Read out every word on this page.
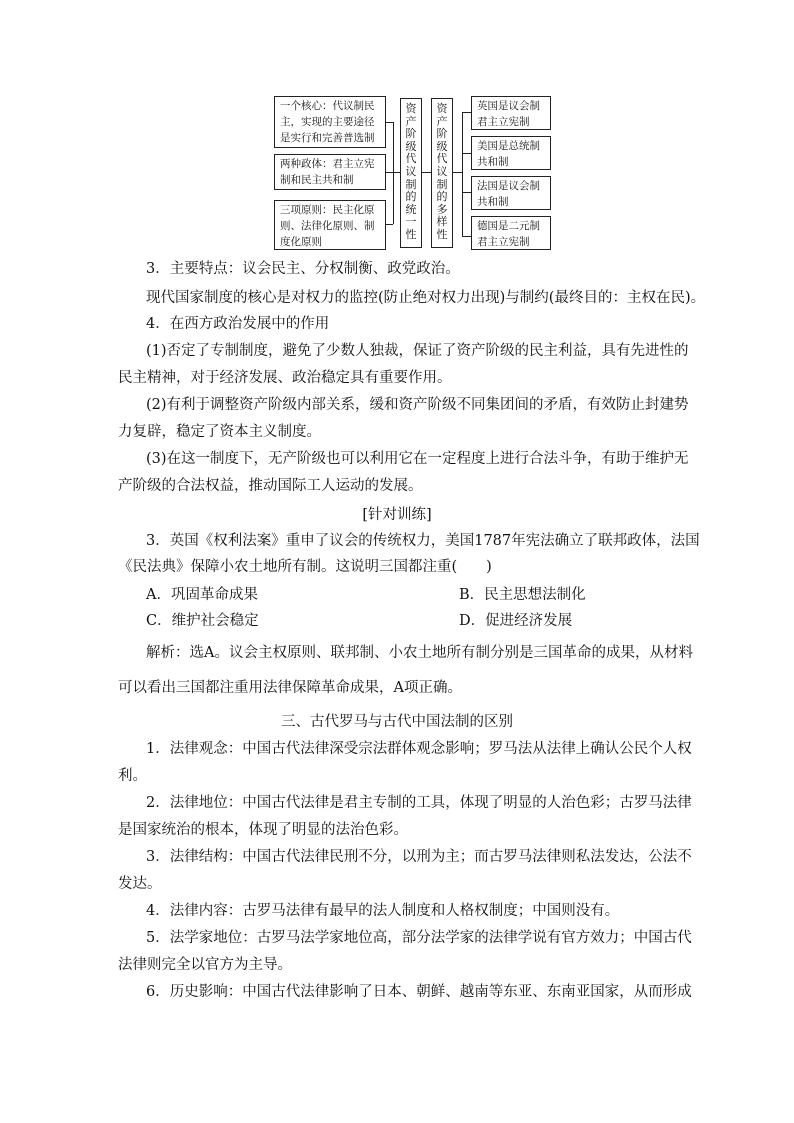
一个核心：代议制民主，实现的主要途径是实行和完善普选制
两种政体：君主立宪制和民主共和制
三项原则：民主化原则、法律化原则、制度化原则
资
产
阶
级
代
议
制
的
统
一
性
资
产
阶
级
代
议
制
的
多
样
性
英国是议会制君主立宪制
美国是总统制共和制
法国是议会制共和制
德国是二元制君主立宪制
3．主要特点：议会民主、分权制衡、政党政治。
现代国家制度的核心是对权力的监控(防止绝对权力出现)与制约(最终目的：主权在民)。
4．在西方政治发展中的作用
(1)否定了专制制度，避免了少数人独裁，保证了资产阶级的民主利益，具有先进性的
民主精神，对于经济发展、政治稳定具有重要作用。
(2)有利于调整资产阶级内部关系，缓和资产阶级不同集团间的矛盾，有效防止封建势
力复辟，稳定了资本主义制度。
(3)在这一制度下，无产阶级也可以利用它在一定程度上进行合法斗争，有助于维护无
产阶级的合法权益，推动国际工人运动的发展。
[针对训练]
3．英国《权利法案》重申了议会的传统权力，美国1787年宪法确立了联邦政体，法国
《民法典》保障小农土地所有制。这说明三国都注重(　　)
A．巩固革命成果	B．民主思想法制化
C．维护社会稳定	D．促进经济发展
解析：选A。议会主权原则、联邦制、小农土地所有制分别是三国革命的成果，从材料
可以看出三国都注重用法律保障革命成果，A项正确。
三、古代罗马与古代中国法制的区别
1．法律观念：中国古代法律深受宗法群体观念影响；罗马法从法律上确认公民个人权
利。
2．法律地位：中国古代法律是君主专制的工具，体现了明显的人治色彩；古罗马法律
是国家统治的根本，体现了明显的法治色彩。
3．法律结构：中国古代法律民刑不分，以刑为主；而古罗马法律则私法发达，公法不
发达。
4．法律内容：古罗马法律有最早的法人制度和人格权制度；中国则没有。
5．法学家地位：古罗马法学家地位高，部分法学家的法律学说有官方效力；中国古代
法律则完全以官方为主导。
6．历史影响：中国古代法律影响了日本、朝鲜、越南等东亚、东南亚国家，从而形成
